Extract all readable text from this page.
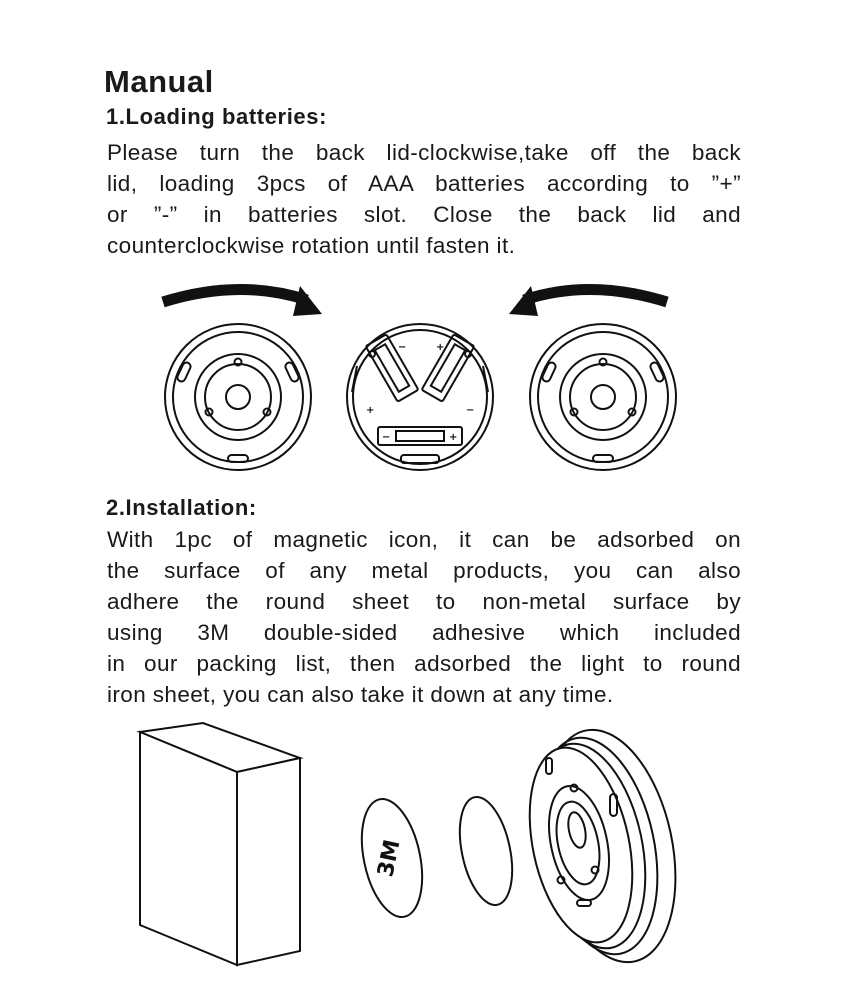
Manual
1.Loading batteries:
Please turn the back lid-clockwise,take off the back
lid, loading 3pcs of AAA batteries according to ”+”
or ”-” in batteries slot. Close the back lid and
counterclockwise rotation until fasten it.
+
−	+
−
−	+
2.Installation:
With 1pc of magnetic icon, it can be adsorbed on
the surface of any metal products, you can also
adhere the round sheet to non-metal surface by
using 3M double-sided adhesive which included
in our packing list, then adsorbed the light to round
iron sheet, you can also take it down at any time.
3M
